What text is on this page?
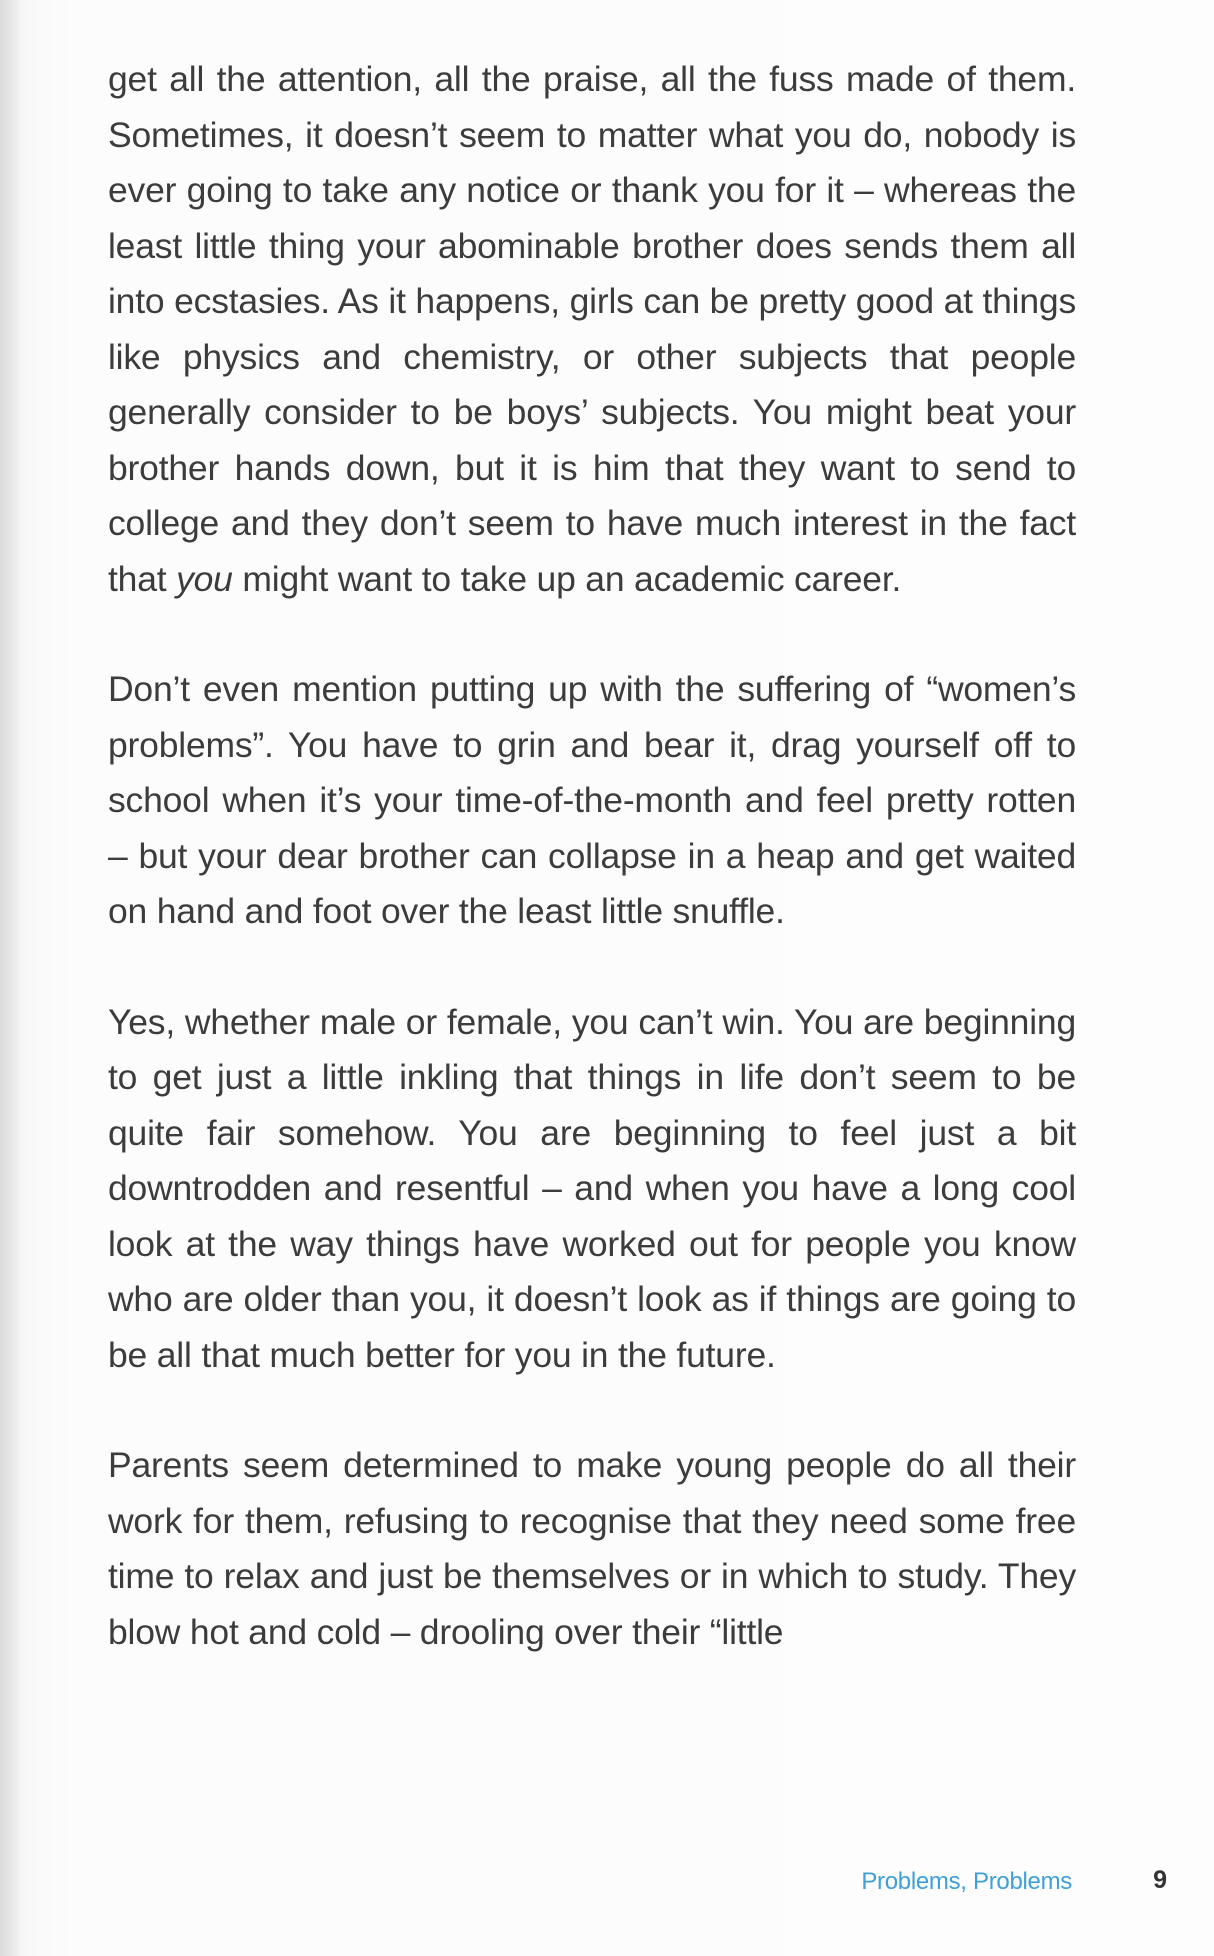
get all the attention, all the praise, all the fuss made of them. Sometimes, it doesn’t seem to matter what you do, nobody is ever going to take any notice or thank you for it – whereas the least little thing your abominable brother does sends them all into ecstasies. As it happens, girls can be pretty good at things like physics and chemistry, or other subjects that people generally consider to be boys’ subjects. You might beat your brother hands down, but it is him that they want to send to college and they don’t seem to have much interest in the fact that you might want to take up an academic career.

Don’t even mention putting up with the suffering of “women’s problems”. You have to grin and bear it, drag yourself off to school when it’s your time-of-the-month and feel pretty rotten – but your dear brother can collapse in a heap and get waited on hand and foot over the least little snuffle.

Yes, whether male or female, you can’t win. You are beginning to get just a little inkling that things in life don’t seem to be quite fair somehow. You are beginning to feel just a bit downtrodden and resentful – and when you have a long cool look at the way things have worked out for people you know who are older than you, it doesn’t look as if things are going to be all that much better for you in the future.

Parents seem determined to make young people do all their work for them, refusing to recognise that they need some free time to relax and just be themselves or in which to study. They blow hot and cold – drooling over their “little

Problems, Problems	9
